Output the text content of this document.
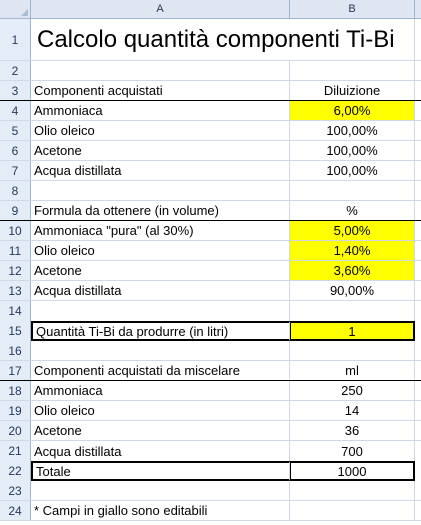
A	B
1 Calcolo quantità componenti Ti-Bi
2
3	Componenti acquistati	Diluizione
4	Ammoniaca	6,00%
5	Olio oleico	100,00%
6	Acetone	100,00%
7	Acqua distillata	100,00%
8
9	Formula da ottenere (in volume)	%
10 Ammoniaca "pura" (al 30%)	5,00%
11 Olio oleico	1,40%
12 Acetone	3,60%
13 Acqua distillata	90,00%
14
15	Quantità Ti-Bi da produrre (in litri)	1
16
17 Componenti acquistati da miscelare	ml
18 Ammoniaca	250
19 Olio oleico	14
20 Acetone	36
21 Acqua distillata	700
22	Totale	1000
23
24 * Campi in giallo sono editabili
